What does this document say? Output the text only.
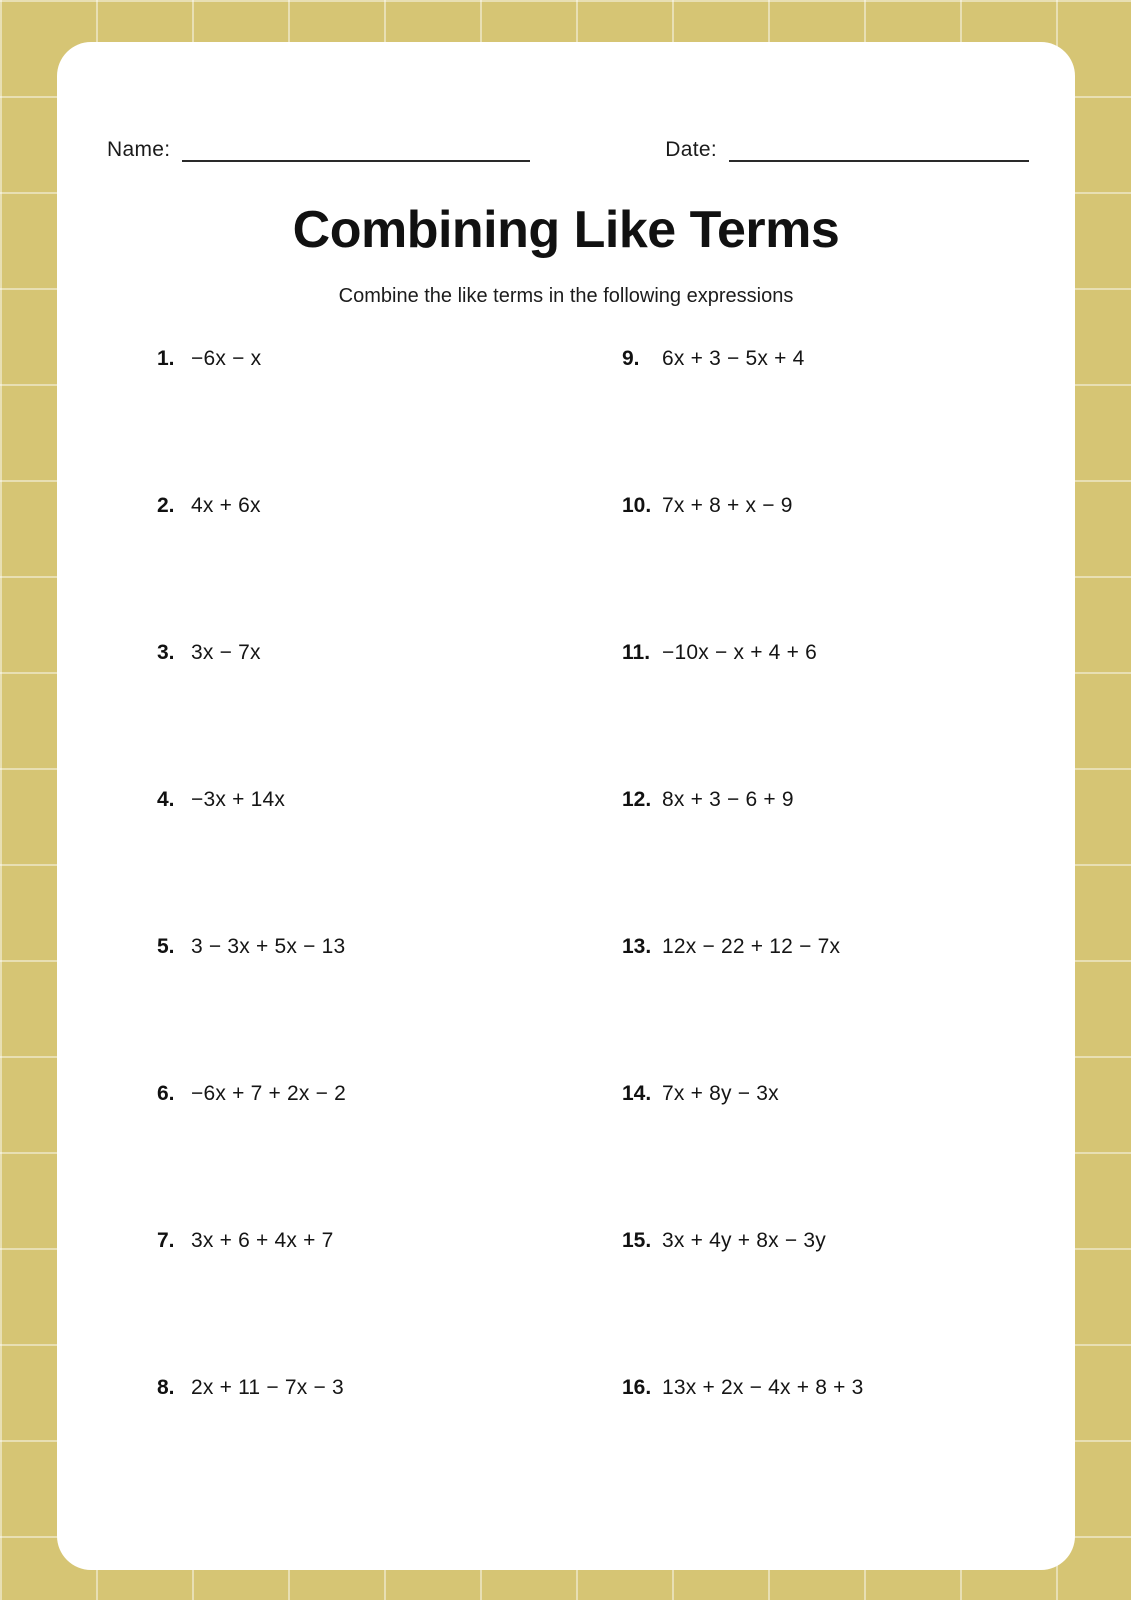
Name:	Date:
Combining Like Terms
Combine the like terms in the following expressions
1. −6x − x
2. 4x + 6x
3. 3x − 7x
4. −3x + 14x
5. 3 − 3x + 5x − 13
6. −6x + 7 + 2x − 2
7. 3x + 6 + 4x + 7
8. 2x + 11 − 7x − 3
9.	6x + 3 − 5x + 4
10. 7x + 8 + x − 9
11. −10x − x + 4 + 6
12. 8x + 3 − 6 + 9
13. 12x − 22 + 12 − 7x
14. 7x + 8y − 3x
15. 3x + 4y + 8x − 3y
16. 13x + 2x − 4x + 8 + 3
